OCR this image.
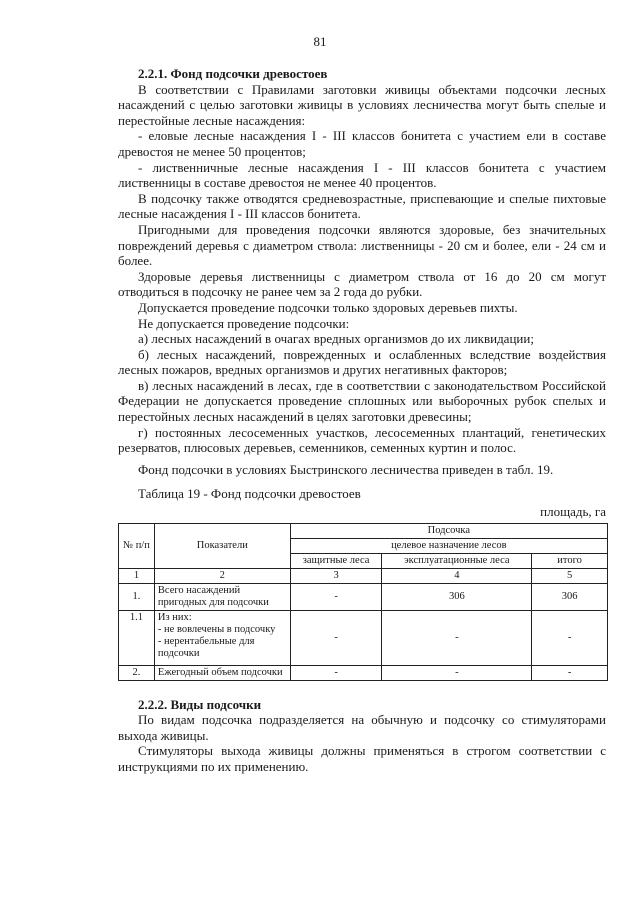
81

2.2.1. Фонд подсочки древостоев

В соответствии с Правилами заготовки живицы объектами подсочки лесных насаждений с целью заготовки живицы в условиях лесничества могут быть спелые и перестойные лесные насаждения:

- еловые лесные насаждения I - III классов бонитета с участием ели в составе древостоя не менее 50 процентов;

- лиственничные лесные насаждения I - III классов бонитета с участием лиственницы в составе древостоя не менее 40 процентов.

В подсочку также отводятся средневозрастные, приспевающие и спелые пихтовые лесные насаждения I - III классов бонитета.

Пригодными для проведения подсочки являются здоровые, без значительных повреждений деревья с диаметром ствола: лиственницы - 20 см и более, ели - 24 см и более.

Здоровые деревья лиственницы с диаметром ствола от 16 до 20 см могут отводиться в подсочку не ранее чем за 2 года до рубки.

Допускается проведение подсочки только здоровых деревьев пихты.

Не допускается проведение подсочки:

а) лесных насаждений в очагах вредных организмов до их ликвидации;

б) лесных насаждений, поврежденных и ослабленных вследствие воздействия лесных пожаров, вредных организмов и других негативных факторов;

в) лесных насаждений в лесах, где в соответствии с законодательством Российской Федерации не допускается проведение сплошных или выборочных рубок спелых и перестойных лесных насаждений в целях заготовки древесины;

г) постоянных лесосеменных участков, лесосеменных плантаций, генетических резерватов, плюсовых деревьев, семенников, семенных куртин и полос.

Фонд подсочки в условиях Быстринского лесничества приведен в табл. 19.

Таблица 19 - Фонд подсочки древостоев

площадь, га

№ п/п	Показатели	Подсочка		
		целевое назначение лесов		
		защитные леса	эксплуатационные леса	итого
1	2	3	4	5
1.	Всего насаждений пригодных для подсочки	-	306	306
1.1	Из них:
- не вовлечены в подсочку
- нерентабельные для подсочки	-	-	-
2.	Ежегодный объем подсочки	-	-	-

2.2.2. Виды подсочки

По видам подсочка подразделяется на обычную и подсочку со стимуляторами выхода живицы.

Стимуляторы выхода живицы должны применяться в строгом соответствии с инструкциями по их применению.
